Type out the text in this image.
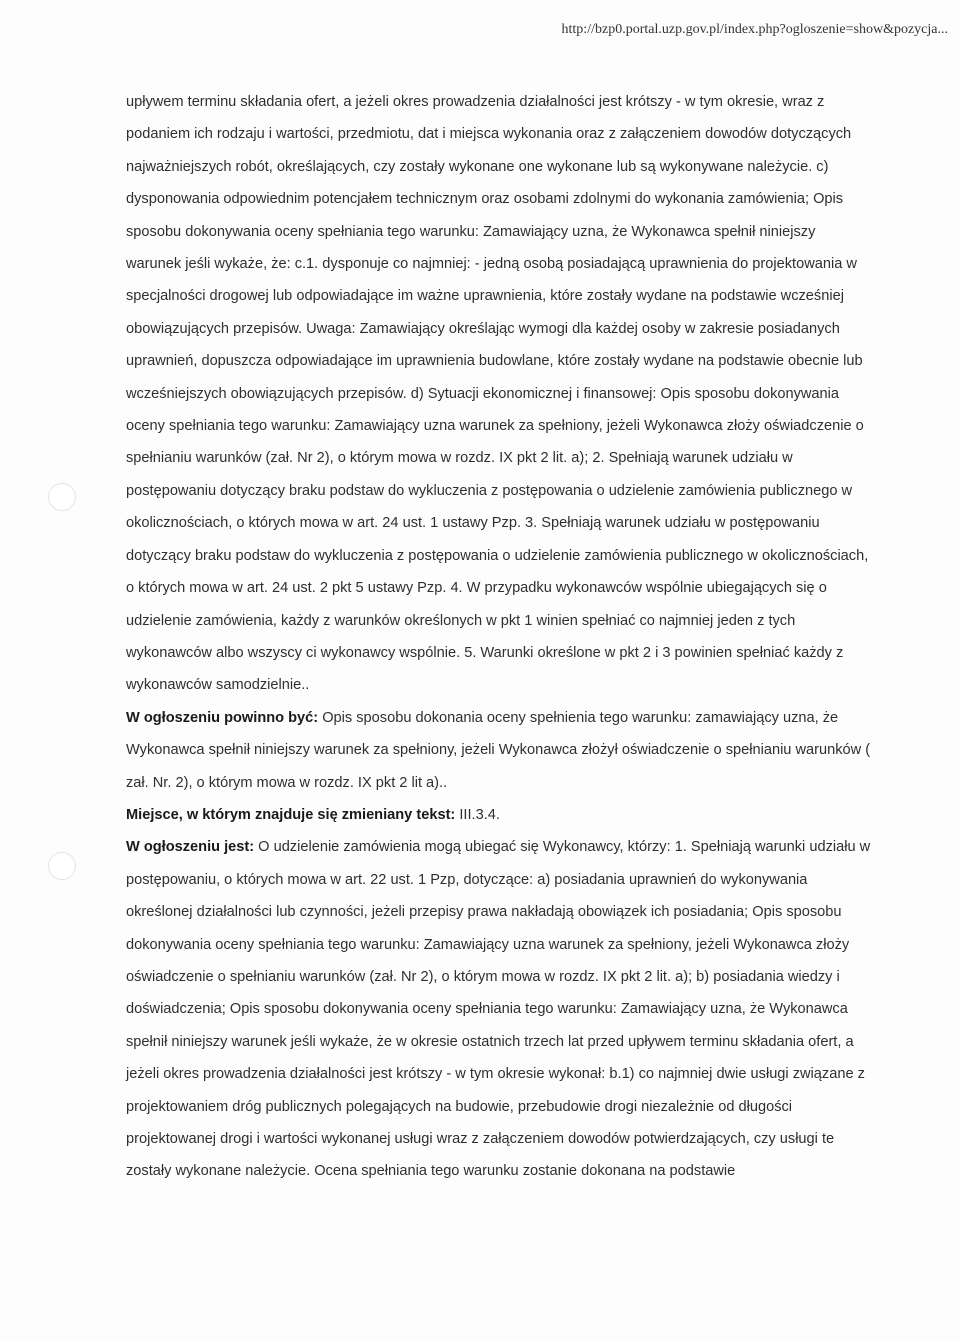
http://bzp0.portal.uzp.gov.pl/index.php?ogloszenie=show&pozycja...

upływem terminu składania ofert, a jeżeli okres prowadzenia działalności jest krótszy - w tym okresie, wraz z podaniem ich rodzaju i wartości, przedmiotu, dat i miejsca wykonania oraz z załączeniem dowodów dotyczących najważniejszych robót, określających, czy zostały wykonane one wykonane lub są wykonywane należycie. c) dysponowania odpowiednim potencjałem technicznym oraz osobami zdolnymi do wykonania zamówienia; Opis sposobu dokonywania oceny spełniania tego warunku: Zamawiający uzna, że Wykonawca spełnił niniejszy warunek jeśli wykaże, że: c.1. dysponuje co najmniej: - jedną osobą posiadającą uprawnienia do projektowania w specjalności drogowej lub odpowiadające im ważne uprawnienia, które zostały wydane na podstawie wcześniej obowiązujących przepisów. Uwaga: Zamawiający określając wymogi dla każdej osoby w zakresie posiadanych uprawnień, dopuszcza odpowiadające im uprawnienia budowlane, które zostały wydane na podstawie obecnie lub wcześniejszych obowiązujących przepisów. d) Sytuacji ekonomicznej i finansowej: Opis sposobu dokonywania oceny spełniania tego warunku: Zamawiający uzna warunek za spełniony, jeżeli Wykonawca złoży oświadczenie o spełnianiu warunków (zał. Nr 2), o którym mowa w rozdz. IX pkt 2 lit. a); 2. Spełniają warunek udziału w postępowaniu dotyczący braku podstaw do wykluczenia z postępowania o udzielenie zamówienia publicznego w okolicznościach, o których mowa w art. 24 ust. 1 ustawy Pzp. 3. Spełniają warunek udziału w postępowaniu dotyczący braku podstaw do wykluczenia z postępowania o udzielenie zamówienia publicznego w okolicznościach, o których mowa w art. 24 ust. 2 pkt 5 ustawy Pzp. 4. W przypadku wykonawców wspólnie ubiegających się o udzielenie zamówienia, każdy z warunków określonych w pkt 1 winien spełniać co najmniej jeden z tych wykonawców albo wszyscy ci wykonawcy wspólnie. 5. Warunki określone w pkt 2 i 3 powinien spełniać każdy z wykonawców samodzielnie..

W ogłoszeniu powinno być: Opis sposobu dokonania oceny spełnienia tego warunku: zamawiający uzna, że Wykonawca spełnił niniejszy warunek za spełniony, jeżeli Wykonawca złożył oświadczenie o spełnianiu warunków ( zał. Nr. 2), o którym mowa w rozdz. IX pkt 2 lit a)..

Miejsce, w którym znajduje się zmieniany tekst: III.3.4.

W ogłoszeniu jest: O udzielenie zamówienia mogą ubiegać się Wykonawcy, którzy: 1. Spełniają warunki udziału w postępowaniu, o których mowa w art. 22 ust. 1 Pzp, dotyczące: a) posiadania uprawnień do wykonywania określonej działalności lub czynności, jeżeli przepisy prawa nakładają obowiązek ich posiadania; Opis sposobu dokonywania oceny spełniania tego warunku: Zamawiający uzna warunek za spełniony, jeżeli Wykonawca złoży oświadczenie o spełnianiu warunków (zał. Nr 2), o którym mowa w rozdz. IX pkt 2 lit. a); b) posiadania wiedzy i doświadczenia; Opis sposobu dokonywania oceny spełniania tego warunku: Zamawiający uzna, że Wykonawca spełnił niniejszy warunek jeśli wykaże, że w okresie ostatnich trzech lat przed upływem terminu składania ofert, a jeżeli okres prowadzenia działalności jest krótszy - w tym okresie wykonał: b.1) co najmniej dwie usługi związane z projektowaniem dróg publicznych polegających na budowie, przebudowie drogi niezależnie od długości projektowanej drogi i wartości wykonanej usługi wraz z załączeniem dowodów potwierdzających, czy usługi te zostały wykonane należycie. Ocena spełniania tego warunku zostanie dokonana na podstawie
